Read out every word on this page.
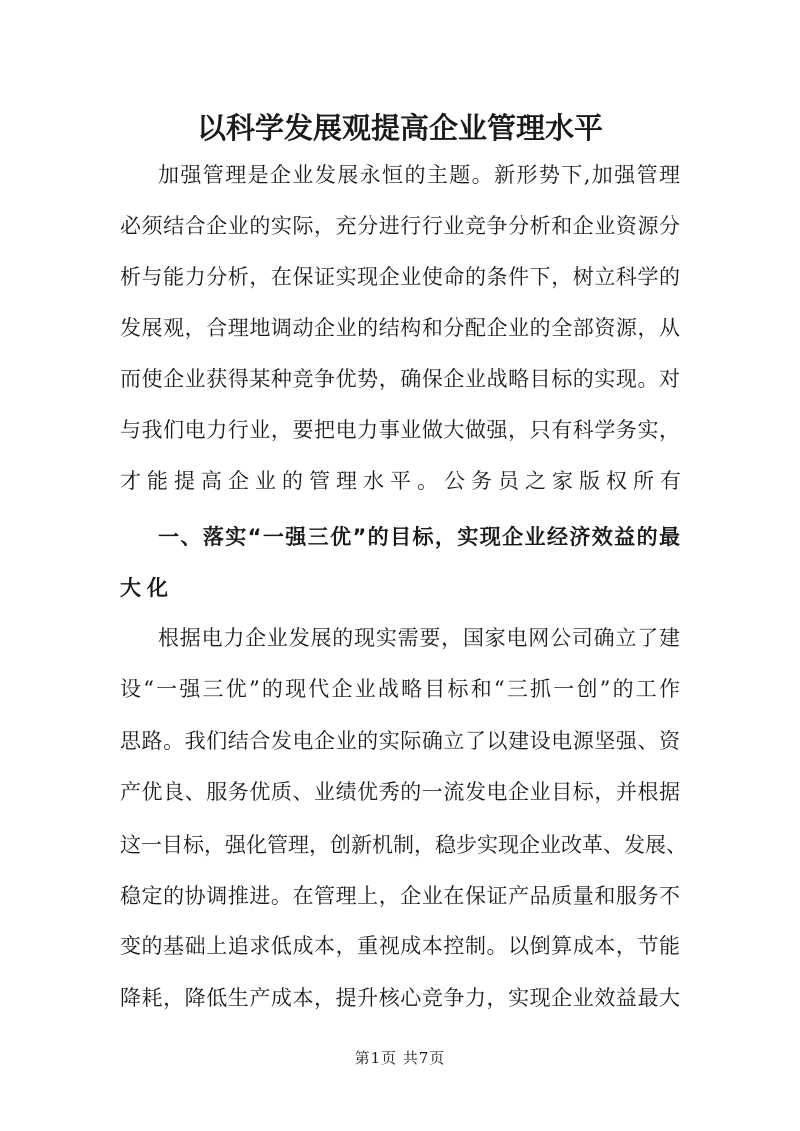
以科学发展观提高企业管理水平
加强管理是企业发展永恒的主题。新形势下,加强管理
必须结合企业的实际，充分进行行业竞争分析和企业资源分
析与能力分析，在保证实现企业使命的条件下，树立科学的
发展观，合理地调动企业的结构和分配企业的全部资源，从
而使企业获得某种竞争优势，确保企业战略目标的实现。对
与我们电力行业，要把电力事业做大做强，只有科学务实，
才能提高企业的管理水平。公务员之家版权所有
一、落实“一强三优”的目标，实现企业经济效益的最
大化
根据电力企业发展的现实需要，国家电网公司确立了建
设“一强三优”的现代企业战略目标和“三抓一创”的工作
思路。我们结合发电企业的实际确立了以建设电源坚强、资
产优良、服务优质、业绩优秀的一流发电企业目标，并根据
这一目标，强化管理，创新机制，稳步实现企业改革、发展、
稳定的协调推进。在管理上，企业在保证产品质量和服务不
变的基础上追求低成本，重视成本控制。以倒算成本，节能
降耗，降低生产成本，提升核心竞争力，实现企业效益最大
第1页 共7页
